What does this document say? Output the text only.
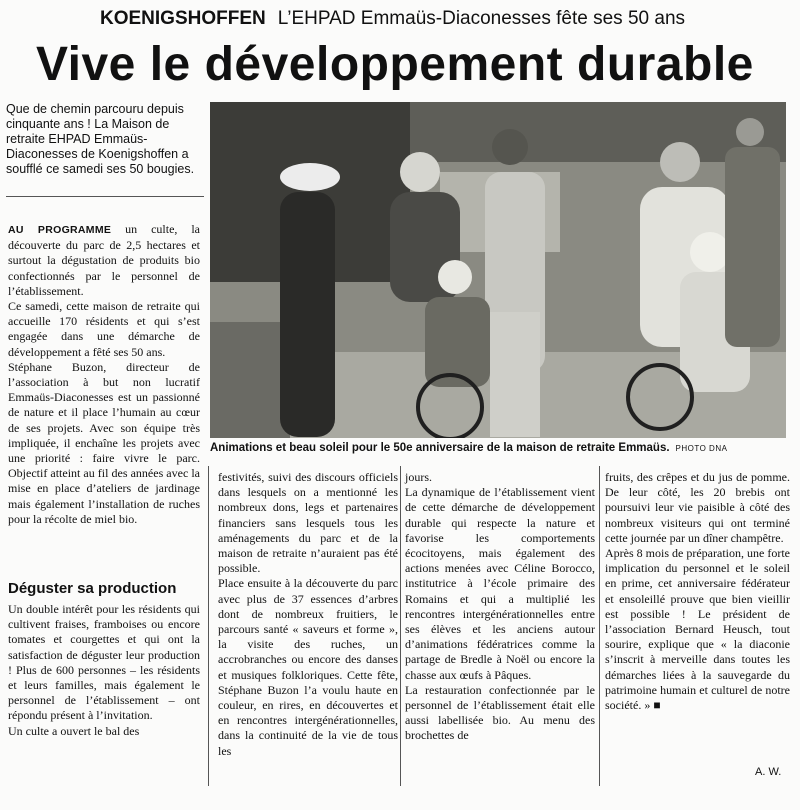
KOENIGSHOFFEN L’EHPAD Emmaüs-Diaconesses fête ses 50 ans
Vive le développement durable
Que de chemin parcouru depuis cinquante ans ! La Maison de retraite EHPAD Emmaüs-Diaconesses de Koenigshoffen a soufflé ce samedi ses 50 bougies.
Animations et beau soleil pour le 50e anniversaire de la maison de retraite Emmaüs. PHOTO DNA

AU PROGRAMME un culte, la découverte du parc de 2,5 hectares et surtout la dégustation de produits bio confectionnés par le personnel de l’établissement.

Ce samedi, cette maison de retraite qui accueille 170 résidents et qui s’est engagée dans une démarche de développement a fêté ses 50 ans.

Stéphane Buzon, directeur de l’association à but non lucratif Emmaüs-Diaconesses est un passionné de nature et il place l’humain au cœur de ses projets. Avec son équipe très impliquée, il enchaîne les projets avec une priorité : faire vivre le parc. Objectif atteint au fil des années avec la mise en place d’ateliers de jardinage mais également l’installation de ruches pour la récolte de miel bio.

Déguster sa production

Un double intérêt pour les résidents qui cultivent fraises, framboises ou encore tomates et courgettes et qui ont la satisfaction de déguster leur production ! Plus de 600 personnes – les résidents et leurs familles, mais également le personnel de l’établissement – ont répondu présent à l’invitation.

Un culte a ouvert le bal des

festivités, suivi des discours officiels dans lesquels on a mentionné les nombreux dons, legs et partenaires financiers sans lesquels tous les aménagements du parc et de la maison de retraite n’auraient pas été possible.

Place ensuite à la découverte du parc avec plus de 37 essences d’arbres dont de nombreux fruitiers, le parcours santé « saveurs et forme », la visite des ruches, un accrobranches ou encore des danses et musiques folkloriques. Cette fête, Stéphane Buzon l’a voulu haute en couleur, en rires, en découvertes et en rencontres intergénérationnelles, dans la continuité de la vie de tous les

jours.

La dynamique de l’établissement vient de cette démarche de développement durable qui respecte la nature et favorise les comportements écocitoyens, mais également des actions menées avec Céline Borocco, institutrice à l’école primaire des Romains et qui a multiplié les rencontres intergénérationnelles entre ses élèves et les anciens autour d’animations fédératrices comme la partage de Bredle à Noël ou encore la chasse aux œufs à Pâques.

La restauration confectionnée par le personnel de l’établissement était elle aussi labellisée bio. Au menu des brochettes de

fruits, des crêpes et du jus de pomme. De leur côté, les 20 brebis ont poursuivi leur vie paisible à côté des nombreux visiteurs qui ont terminé cette journée par un dîner champêtre.

Après 8 mois de préparation, une forte implication du personnel et le soleil en prime, cet anniversaire fédérateur et ensoleillé prouve que bien vieillir est possible ! Le président de l’association Bernard Heusch, tout sourire, explique que « la diaconie s’inscrit à merveille dans toutes les démarches liées à la sauvegarde du patrimoine humain et culturel de notre société. » ■

A. W.
